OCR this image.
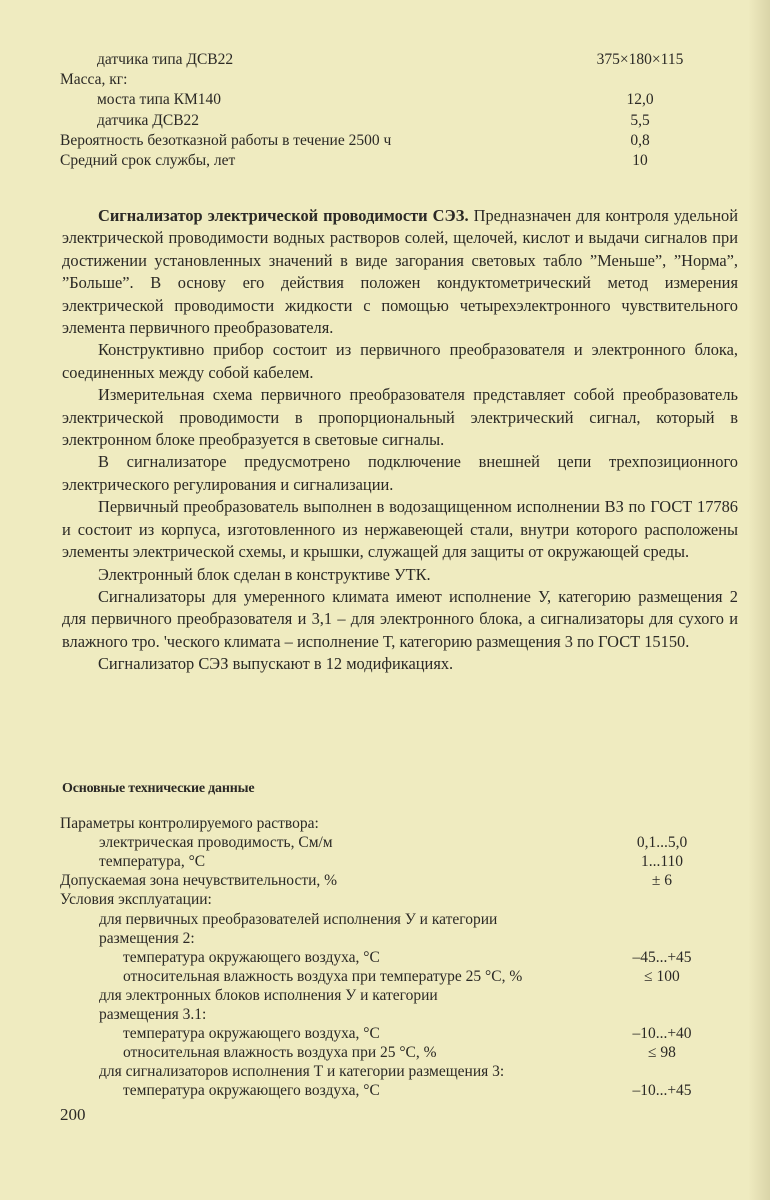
датчика типа ДСВ22	375×180×115
Масса, кг:
моста типа КМ140	12,0
датчика ДСВ22	5,5
Вероятность безотказной работы в течение 2500 ч	0,8
Средний срок службы, лет	10

Сигнализатор электрической проводимости СЭЗ. Предназначен для контроля удельной электрической проводимости водных растворов солей, щелочей, кислот и выдачи сигналов при достижении установленных значений в виде загорания световых табло ”Меньше”, ”Норма”, ”Больше”. В основу его действия положен кондуктометрический метод измерения электрической проводимости жидкости с помощью четырехэлектронного чувствительного элемента первичного преобразователя.

Конструктивно прибор состоит из первичного преобразователя и электронного блока, соединенных между собой кабелем.

Измерительная схема первичного преобразователя представляет собой преобразователь электрической проводимости в пропорциональный электрический сигнал, который в электронном блоке преобразуется в световые сигналы.

В сигнализаторе предусмотрено подключение внешней цепи трехпозиционного электрического регулирования и сигнализации.

Первичный преобразователь выполнен в водозащищенном исполнении ВЗ по ГОСТ 17786 и состоит из корпуса, изготовленного из нержавеющей стали, внутри которого расположены элементы электрической схемы, и крышки, служащей для защиты от окружающей среды.

Электронный блок сделан в конструктиве УТК.

Сигнализаторы для умеренного климата имеют исполнение У, категорию размещения 2 для первичного преобразователя и 3,1 – для электронного блока, а сигнализаторы для сухого и влажного тро. 'ческого климата – исполнение Т, категорию размещения 3 по ГОСТ 15150.

Сигнализатор СЭЗ выпускают в 12 модификациях.

Основные технические данные
Параметры контролируемого раствора:
электрическая проводимость, См/м	0,1...5,0
температура, °С	1...110
Допускаемая зона нечувствительности, %	± 6
Условия эксплуатации:
для первичных преобразователей исполнения У и категории
размещения 2:
температура окружающего воздуха, °С	–45...+45
относительная влажность воздуха при температуре 25 °С, %	≤ 100
для электронных блоков исполнения У и категории
размещения 3.1:
температура окружающего воздуха, °С	–10...+40
относительная влажность воздуха при 25 °С, %	≤ 98
для сигнализаторов исполнения Т и категории размещения 3:
температура окружающего воздуха, °С	–10...+45
200
